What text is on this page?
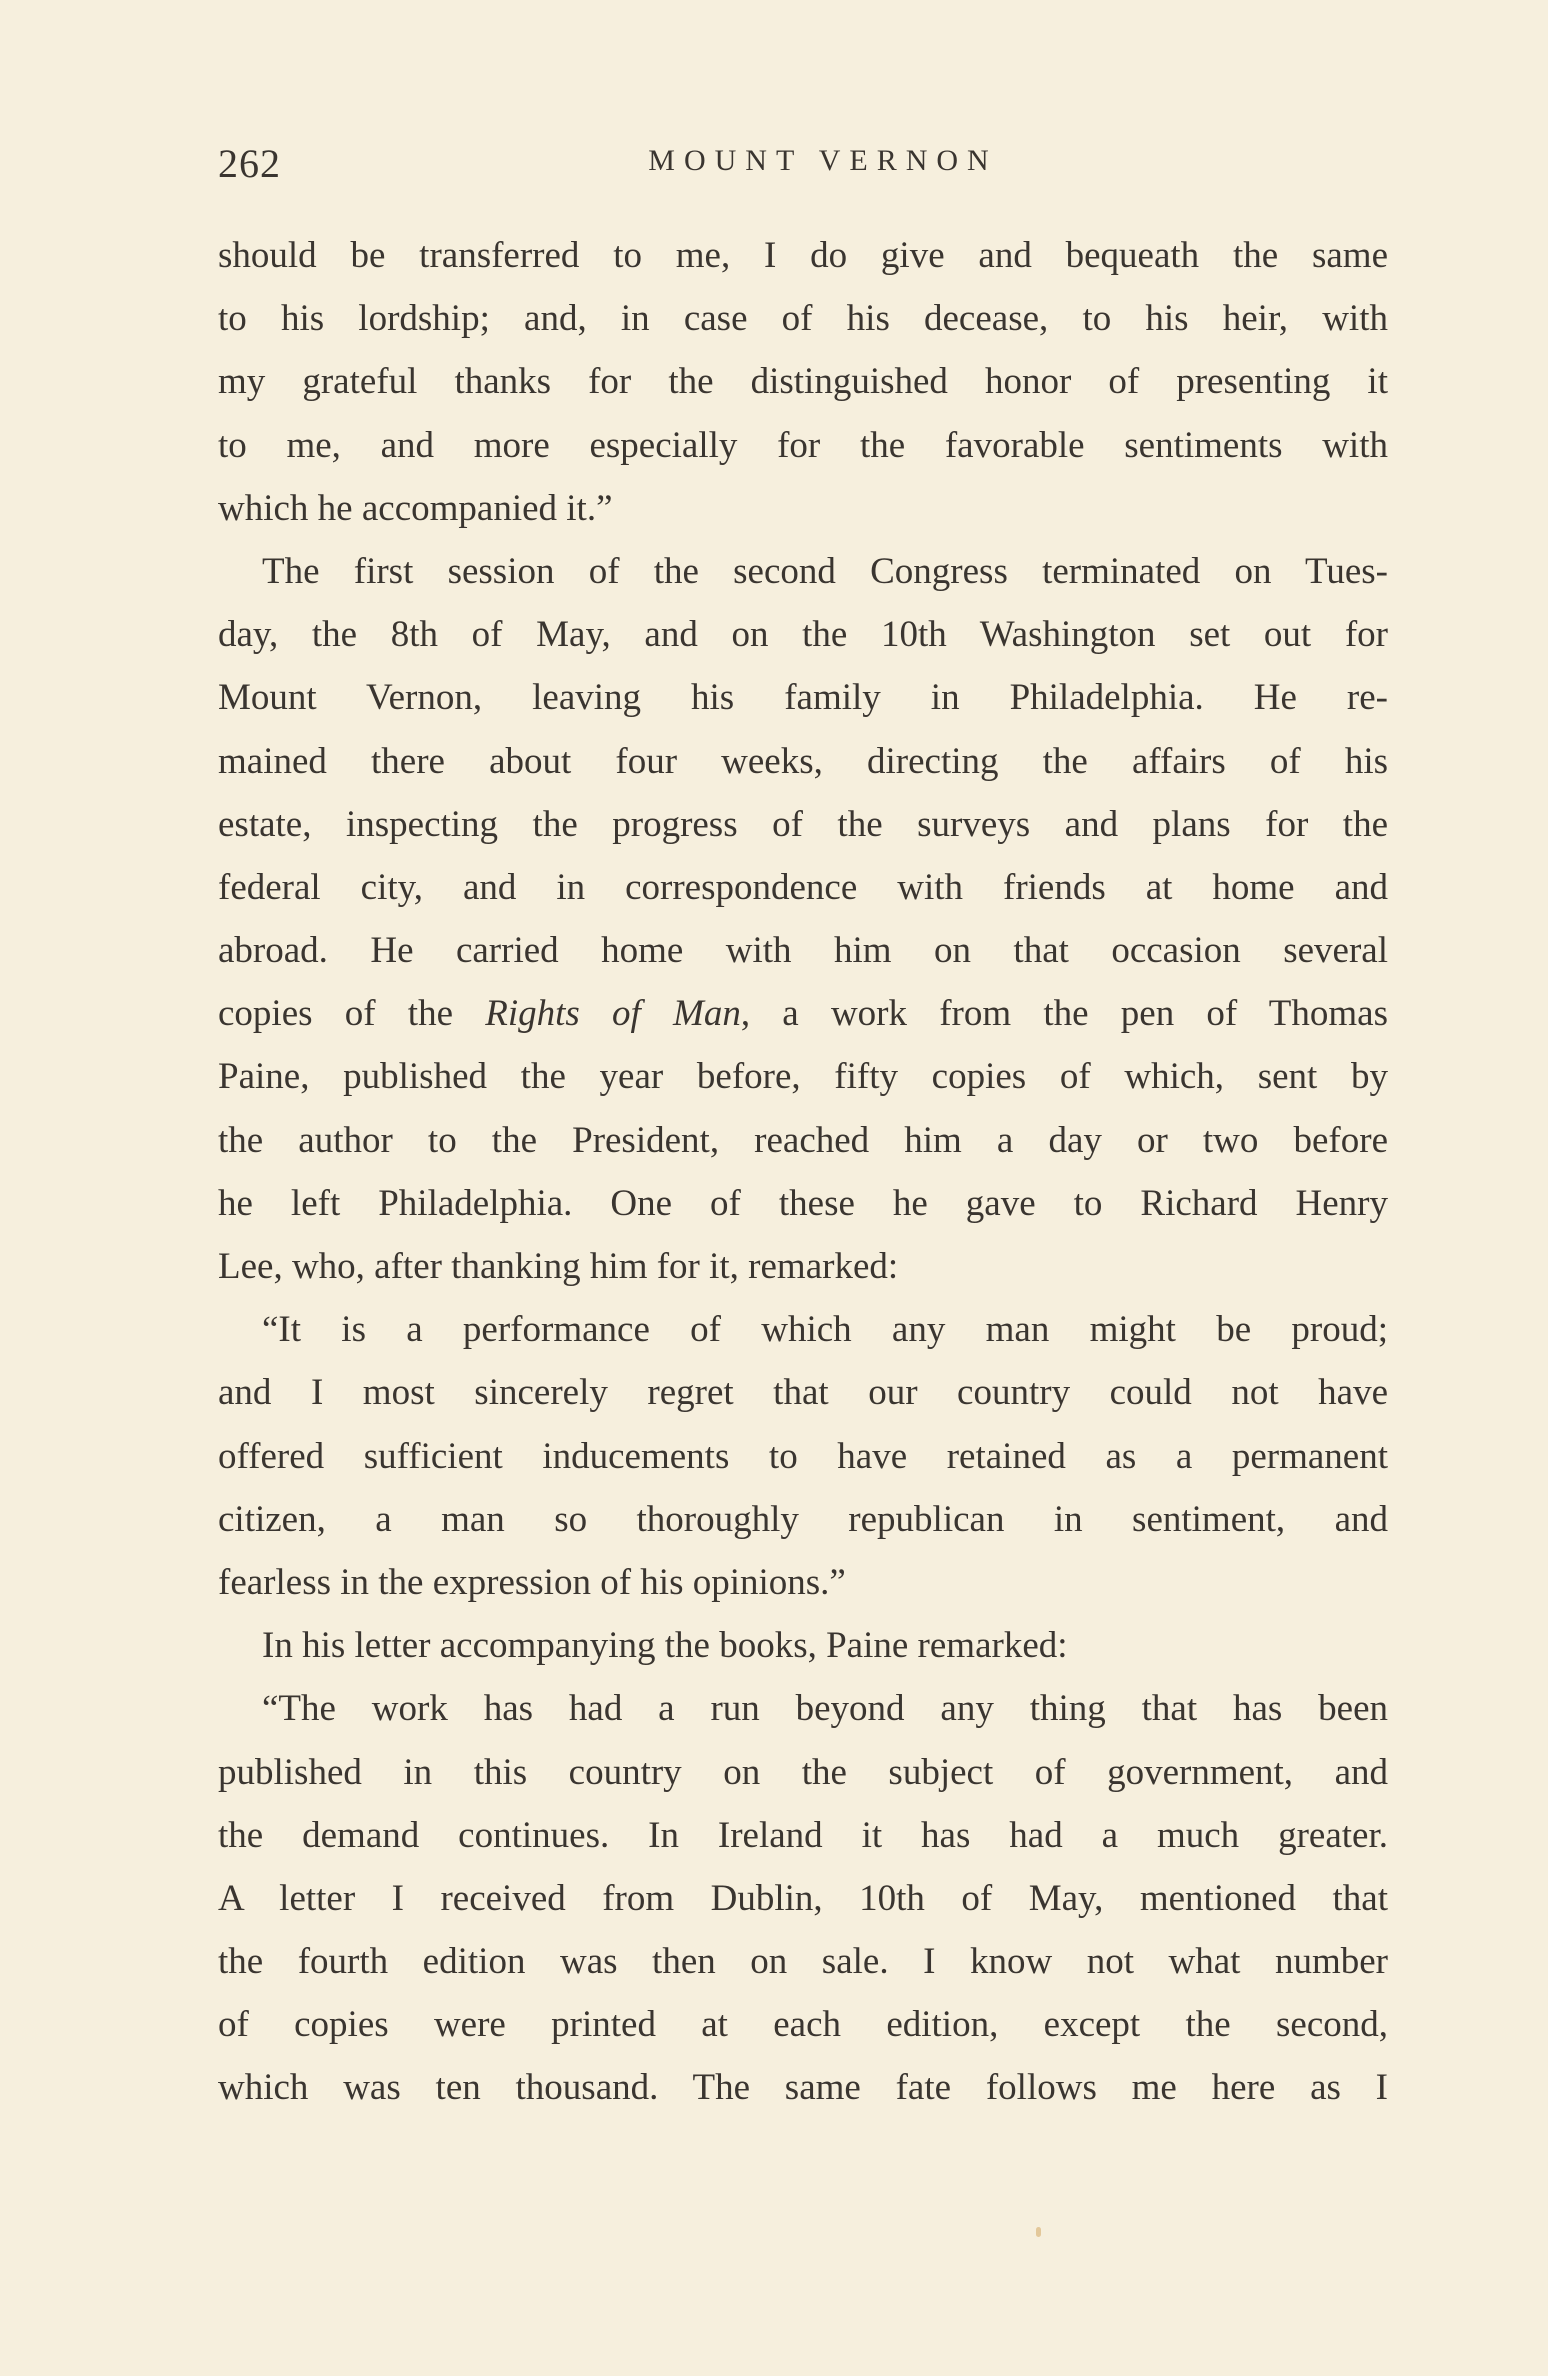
262	MOUNT VERNON
should be transferred to me, I do give and bequeath the same
to his lordship; and, in case of his decease, to his heir, with
my grateful thanks for the distinguished honor of presenting it
to me, and more especially for the favorable sentiments with
which he accompanied it.”
The first session of the second Congress terminated on Tues-
day, the 8th of May, and on the 10th Washington set out for
Mount Vernon, leaving his family in Philadelphia. He re-
mained there about four weeks, directing the affairs of his
estate, inspecting the progress of the surveys and plans for the
federal city, and in correspondence with friends at home and
abroad. He carried home with him on that occasion several
copies of the Rights of Man, a work from the pen of Thomas
Paine, published the year before, fifty copies of which, sent by
the author to the President, reached him a day or two before
he left Philadelphia. One of these he gave to Richard Henry
Lee, who, after thanking him for it, remarked:
“It is a performance of which any man might be proud;
and I most sincerely regret that our country could not have
offered sufficient inducements to have retained as a permanent
citizen, a man so thoroughly republican in sentiment, and
fearless in the expression of his opinions.”
In his letter accompanying the books, Paine remarked:
“The work has had a run beyond any thing that has been
published in this country on the subject of government, and
the demand continues. In Ireland it has had a much greater.
A letter I received from Dublin, 10th of May, mentioned that
the fourth edition was then on sale. I know not what number
of copies were printed at each edition, except the second,
which was ten thousand. The same fate follows me here as I
